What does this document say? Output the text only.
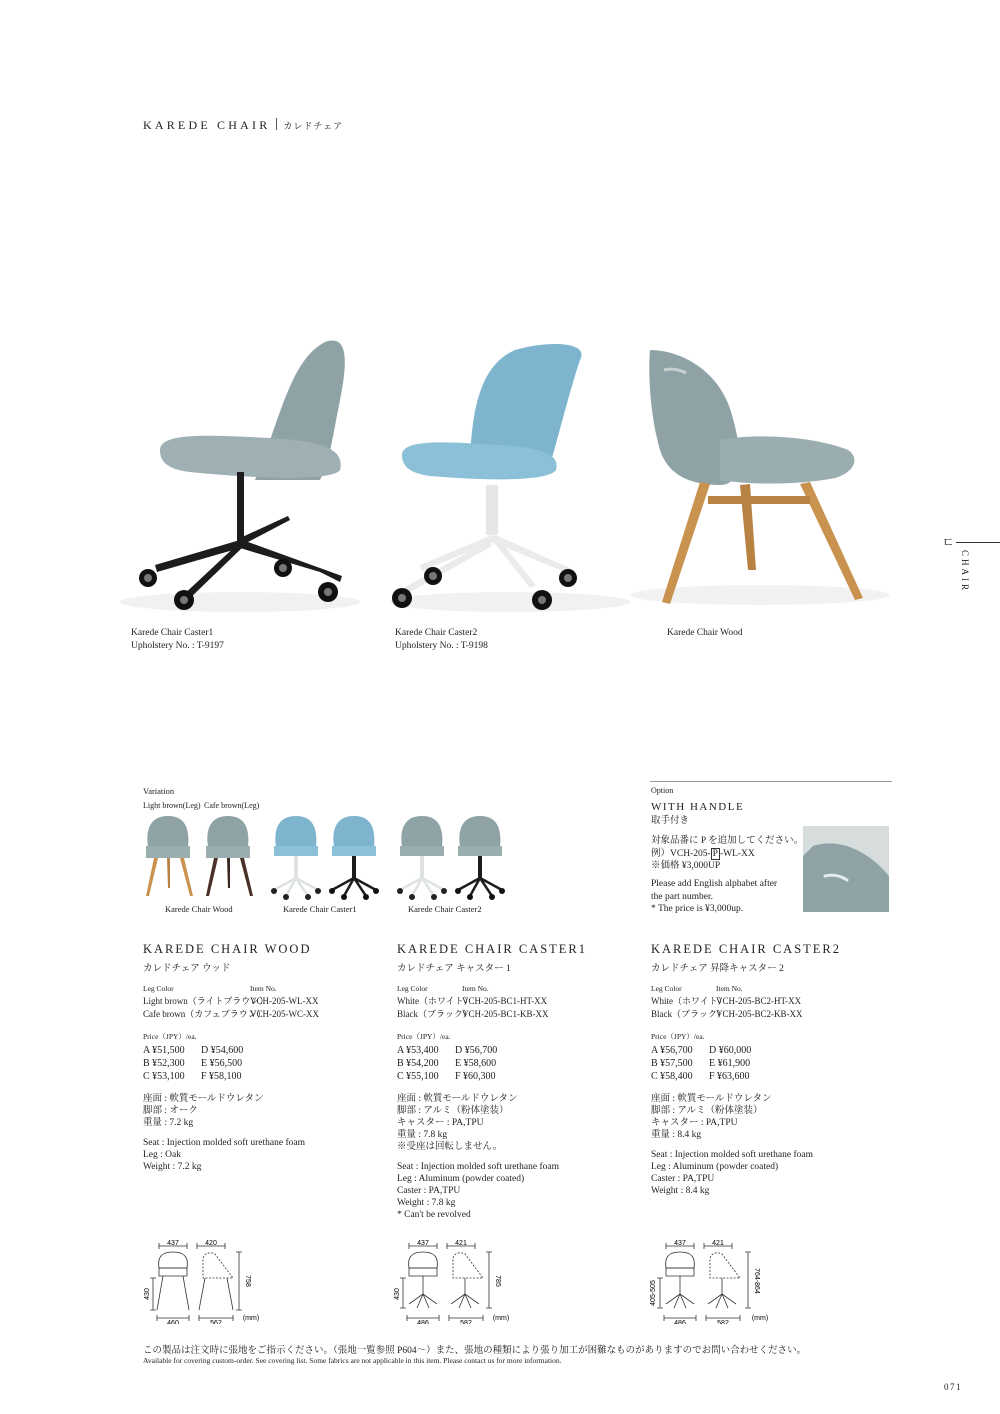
KAREDE CHAIR カレドチェア
ㄷ
CHAIR
Karede Chair Caster1
Upholstery No. : T-9197
Karede Chair Caster2
Upholstery No. : T-9198
Karede Chair Wood
Variation
Light brown(Leg) Cafe brown(Leg)
Karede Chair Wood	Karede Chair Caster1	Karede Chair Caster2
Option
WITH HANDLE
取手付き
対象品番に P を追加してください。
例）VCH-205- P -WL-XX
※価格 ¥3,000UP
Please add English alphabet after
the part number.
* The price is ¥3,000up.
KAREDE CHAIR WOOD
カレドチェア ウッド
Leg Color	Item No.
Light brown（ライトブラウン）VCH-205-WL-XX
Cafe brown（カフェブラウン）VCH-205-WC-XX
Price（JPY）/ea.
A ¥51,500 D ¥54,600
B ¥52,300 E ¥56,500
C ¥53,100 F ¥58,100
座面 : 軟質モールドウレタン
脚部 : オーク
重量 : 7.2 kg
Seat : Injection molded soft urethane foam
Leg : Oak
Weight : 7.2 kg
KAREDE CHAIR CASTER1
カレドチェア キャスター 1
Leg Color	Item No.
White（ホワイト）VCH-205-BC1-HT-XX
Black（ブラック）VCH-205-BC1-KB-XX
Price（JPY）/ea.
A ¥53,400 D ¥56,700
B ¥54,200 E ¥58,600
C ¥55,100 F ¥60,300
座面 : 軟質モールドウレタン
脚部 : アルミ（粉体塗装）
キャスター : PA,TPU
重量 : 7.8 kg
※受座は回転しません。
Seat : Injection molded soft urethane foam
Leg : Aluminum (powder coated)
Caster : PA,TPU
Weight : 7.8 kg
* Can't be revolved
KAREDE CHAIR CASTER2
カレドチェア 昇降キャスター 2
Leg Color	Item No.
White（ホワイト）VCH-205-BC2-HT-XX
Black（ブラック）VCH-205-BC2-KB-XX
Price（JPY）/ea.
A ¥56,700 D ¥60,000
B ¥57,500 E ¥61,900
C ¥58,400 F ¥63,600
座面 : 軟質モールドウレタン
脚部 : アルミ（粉体塗装）
キャスター : PA,TPU
重量 : 8.4 kg
Seat : Injection molded soft urethane foam
Leg : Aluminum (powder coated)
Caster : PA,TPU
Weight : 8.4 kg
437	420
430
758
460	562
(mm)
437	421
430
785
486	582
(mm)
437	421
405-505	764-864
486	582
(mm)
この製品は注文時に張地をご指示ください。（張地一覧参照 P604～）また、張地の種類により張り加工が困難なものがありますのでお問い合わせください。
Available for covering custom-order. See covering list. Some fabrics are not applicable in this item. Please contact us for more information.
071
